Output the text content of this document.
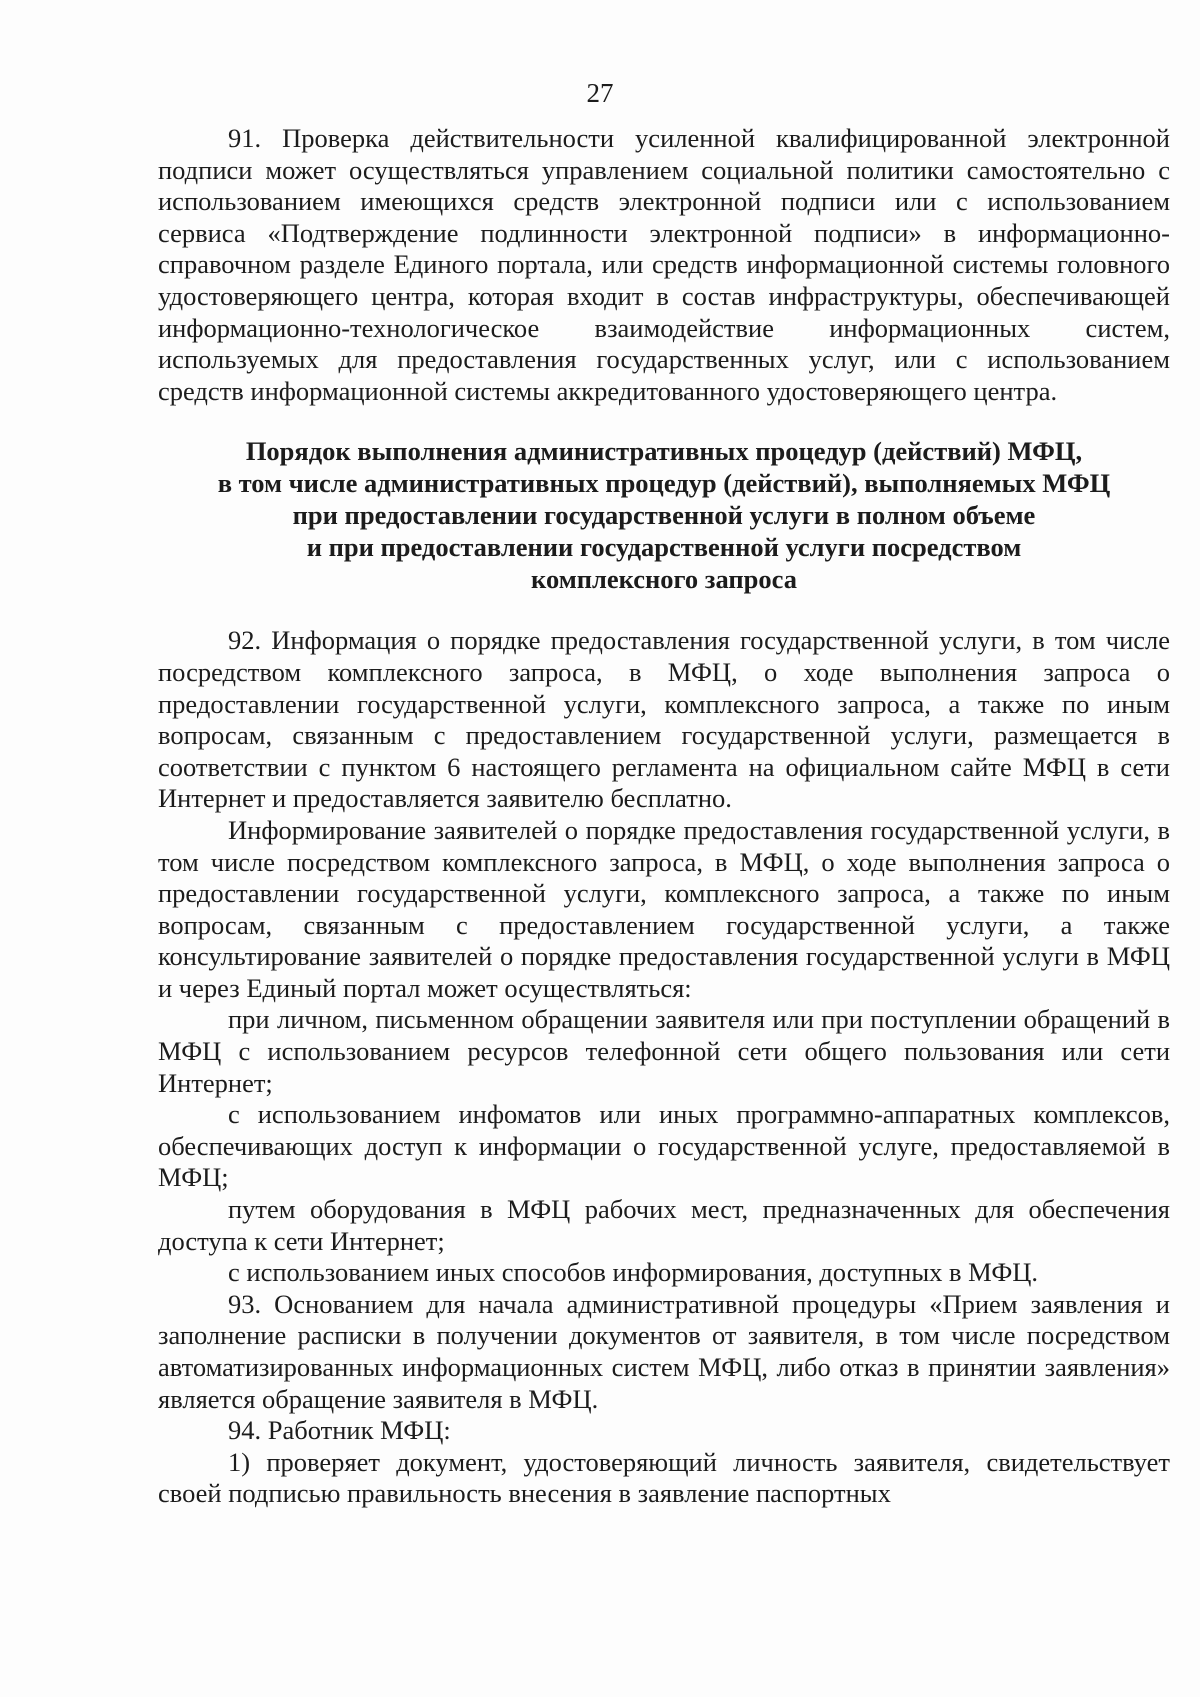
27

91. Проверка действительности усиленной квалифицированной электронной подписи может осуществляться управлением социальной политики самостоятельно с использованием имеющихся средств электронной подписи или с использованием сервиса «Подтверждение подлинности электронной подписи» в информационно-справочном разделе Единого портала, или средств информационной системы головного удостоверяющего центра, которая входит в состав инфраструктуры, обеспечивающей информационно-технологическое взаимодействие информационных систем, используемых для предоставления государственных услуг, или с использованием средств информационной системы аккредитованного удостоверяющего центра.

Порядок выполнения административных процедур (действий) МФЦ,
в том числе административных процедур (действий), выполняемых МФЦ
при предоставлении государственной услуги в полном объеме
и при предоставлении государственной услуги посредством
комплексного запроса

92. Информация о порядке предоставления государственной услуги, в том числе посредством комплексного запроса, в МФЦ, о ходе выполнения запроса о предоставлении государственной услуги, комплексного запроса, а также по иным вопросам, связанным с предоставлением государственной услуги, размещается в соответствии с пунктом 6 настоящего регламента на официальном сайте МФЦ в сети Интернет и предоставляется заявителю бесплатно.

Информирование заявителей о порядке предоставления государственной услуги, в том числе посредством комплексного запроса, в МФЦ, о ходе выполнения запроса о предоставлении государственной услуги, комплексного запроса, а также по иным вопросам, связанным с предоставлением государственной услуги, а также консультирование заявителей о порядке предоставления государственной услуги в МФЦ и через Единый портал может осуществляться:

при личном, письменном обращении заявителя или при поступлении обращений в МФЦ с использованием ресурсов телефонной сети общего пользования или сети Интернет;

с использованием инфоматов или иных программно-аппаратных комплексов, обеспечивающих доступ к информации о государственной услуге, предоставляемой в МФЦ;

путем оборудования в МФЦ рабочих мест, предназначенных для обеспечения доступа к сети Интернет;

с использованием иных способов информирования, доступных в МФЦ.

93. Основанием для начала административной процедуры «Прием заявления и заполнение расписки в получении документов от заявителя, в том числе посредством автоматизированных информационных систем МФЦ, либо отказ в принятии заявления» является обращение заявителя в МФЦ.

94. Работник МФЦ:

1) проверяет документ, удостоверяющий личность заявителя, свидетельствует своей подписью правильность внесения в заявление паспортных
